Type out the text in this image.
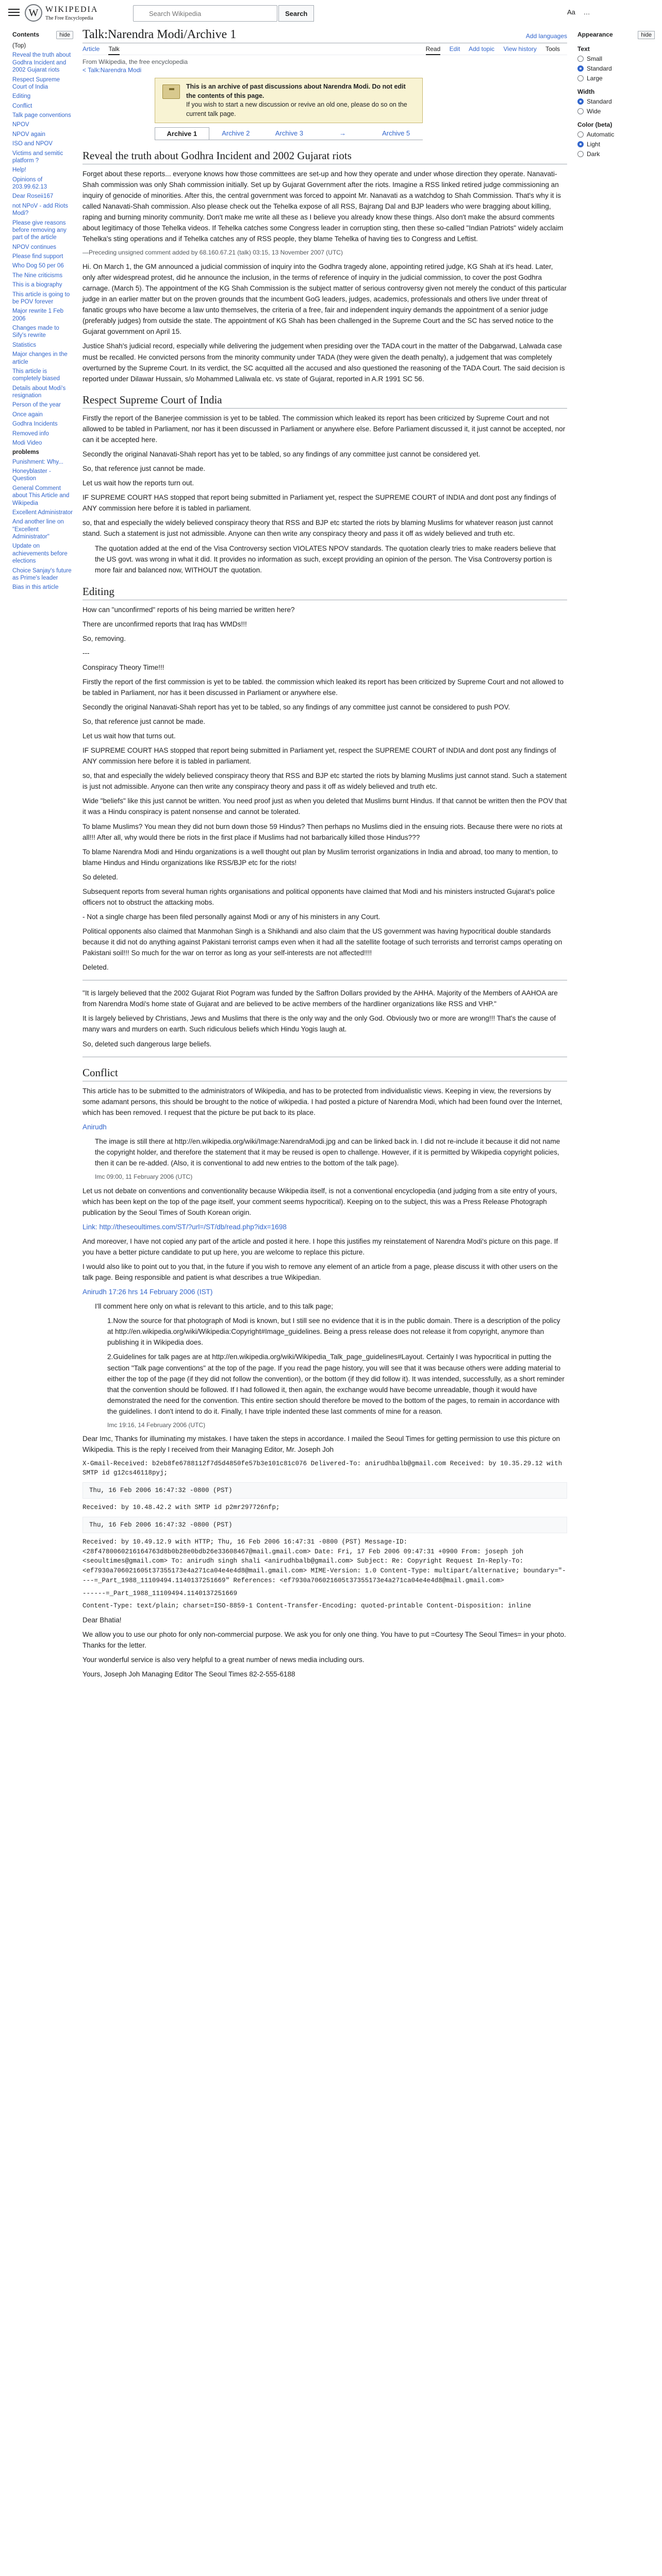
W WIKIPEDIA
The Free Encyclopedia
Search Wikipedia
Search	Aa …
Contents	hide
(Top)
Reveal the truth about Godhra Incident and 2002 Gujarat riots
Respect Supreme Court of India
Editing
Conflict
Talk page conventions
NPOV
NPOV again
ISO and NPOV
Victims and semitic platform ?
Help!
Opinions of 203.99.62.13
Dear Roseii167
not NPoV - add Riots Modi?
Please give reasons before removing any part of the article
NPOV continues
Please find support
Who Dog 50 per 06
The Nine criticisms
This is a biography
This article is going to be POV forever
Major rewrite 1 Feb 2006
Changes made to Sify's rewrite
Statistics
Major changes in the article
This article is completely biased
Details about Modi's resignation
Person of the year
Once again
Godhra Incidents
Removed info
Modi Video
problems
Punishment: Why...
Honeyblaster - Question
General Comment about This Article and Wikipedia
Excellent Administrator
And another line on "Excellent Administrator"
Update on achievements before elections
Choice Sanjay's future as Prime's leader
Bias in this article
Appearance	hide
Text
Small
Standard
Large
Width
Standard
Wide
Color (beta)
Automatic
Light
Dark
Talk:Narendra Modi/Archive 1	Add languages
Article Talk	Read Edit Add topic View history Tools
From Wikipedia, the free encyclopedia
< Talk:Narendra Modi
This is an archive of past discussions about Narendra Modi. Do not edit the contents of this page.
If you wish to start a new discussion or revive an old one, please do so on the current talk page.
Archive 1	Archive 2	Archive 3	→	Archive 5
Reveal the truth about Godhra Incident and 2002 Gujarat riots

Forget about these reports... everyone knows how those committees are set-up and how they operate and under whose direction they operate. Nanavati-Shah commission was only Shah commission initially. Set up by Gujarat Government after the riots. Imagine a RSS linked retired judge commissioning an inquiry of genocide of minorities. After this, the central government was forced to appoint Mr. Nanavati as a watchdog to Shah Commission. That's why it is called Nanavati-Shah commission. Also please check out the Tehelka expose of all RSS, Bajrang Dal and BJP leaders who were bragging about killing, raping and burning minority community. Don't make me write all these as I believe you already know these things. Also don't make the absurd comments about legitimacy of those Tehelka videos. If Tehelka catches some Congress leader in corruption sting, then these so-called "Indian Patriots" widely acclaim Tehelka's sting operations and if Tehelka catches any of RSS people, they blame Tehelka of having ties to Congress and Leftist.

—Preceding unsigned comment added by 68.160.67.21 (talk) 03:15, 13 November 2007 (UTC)

Hi. On March 1, the GM announced a judicial commission of inquiry into the Godhra tragedy alone, appointing retired judge, KG Shah at it's head. Later, only after widespread protest, did he announce the inclusion, in the terms of reference of inquiry in the judicial commission, to cover the post Godhra carnage. (March 5). The appointment of the KG Shah Commission is the subject matter of serious controversy given not merely the conduct of this particular judge in an earlier matter but on the proven grounds that the incumbent GoG leaders, judges, academics, professionals and others live under threat of fanatic groups who have become a law unto themselves, the criteria of a free, fair and independent inquiry demands the appointment of a senior judge (preferably judges) from outside the state. The appointment of KG Shah has been challenged in the Supreme Court and the SC has served notice to the Gujarat government on April 15.

Justice Shah's judicial record, especially while delivering the judgement when presiding over the TADA court in the matter of the Dabgarwad, Lalwada case must be recalled. He convicted persons from the minority community under TADA (they were given the death penalty), a judgement that was completely overturned by the Supreme Court. In its verdict, the SC acquitted all the accused and also questioned the reasoning of the TADA Court. The said decision is reported under Dilawar Hussain, s/o Mohammed Laliwala etc. vs state of Gujarat, reported in A.R 1991 SC 56.

Respect Supreme Court of India

Firstly the report of the Banerjee commission is yet to be tabled. The commission which leaked its report has been criticized by Supreme Court and not allowed to be tabled in Parliament, nor has it been discussed in Parliament or anywhere else. Before Parliament discussed it, it just cannot be accepted, nor can it be accepted here.

Secondly the original Nanavati-Shah report has yet to be tabled, so any findings of any committee just cannot be considered yet.

So, that reference just cannot be made.

Let us wait how the reports turn out.

IF SUPREME COURT HAS stopped that report being submitted in Parliament yet, respect the SUPREME COURT of INDIA and dont post any findings of ANY commission here before it is tabled in parliament.

so, that and especially the widely believed conspiracy theory that RSS and BJP etc started the riots by blaming Muslims for whatever reason just cannot stand. Such a statement is just not admissible. Anyone can then write any conspiracy theory and pass it off as widely believed and truth etc.

The quotation added at the end of the Visa Controversy section VIOLATES NPOV standards. The quotation clearly tries to make readers believe that the US govt. was wrong in what it did. It provides no information as such, except providing an opinion of the person. The Visa Controversy portion is more fair and balanced now, WITHOUT the quotation.
Editing

How can "unconfirmed" reports of his being married be written here?

There are unconfirmed reports that Iraq has WMDs!!!

So, removing.

---

Conspiracy Theory Time!!!

Firstly the report of the first commission is yet to be tabled. the commission which leaked its report has been criticized by Supreme Court and not allowed to be tabled in Parliament, nor has it been discussed in Parliament or anywhere else.

Secondly the original Nanavati-Shah report has yet to be tabled, so any findings of any committee just cannot be considered to push POV.

So, that reference just cannot be made.

Let us wait how that turns out.

IF SUPREME COURT HAS stopped that report being submitted in Parliament yet, respect the SUPREME COURT of INDIA and dont post any findings of ANY commission here before it is tabled in parliament.

so, that and especially the widely believed conspiracy theory that RSS and BJP etc started the riots by blaming Muslims just cannot stand. Such a statement is just not admissible. Anyone can then write any conspiracy theory and pass it off as widely believed and truth etc.

Wide "beliefs" like this just cannot be written. You need proof just as when you deleted that Muslims burnt Hindus. If that cannot be written then the POV that it was a Hindu conspiracy is patent nonsense and cannot be tolerated.

To blame Muslims? You mean they did not burn down those 59 Hindus? Then perhaps no Muslims died in the ensuing riots. Because there were no riots at all!!! After all, why would there be riots in the first place if Muslims had not barbarically killed those Hindus???

To blame Narendra Modi and Hindu organizations is a well thought out plan by Muslim terrorist organizations in India and abroad, too many to mention, to blame Hindus and Hindu organizations like RSS/BJP etc for the riots!

So deleted.

Subsequent reports from several human rights organisations and political opponents have claimed that Modi and his ministers instructed Gujarat's police officers not to obstruct the attacking mobs.

- Not a single charge has been filed personally against Modi or any of his ministers in any Court.

Political opponents also claimed that Manmohan Singh is a Shikhandi and also claim that the US government was having hypocritical double standards because it did not do anything against Pakistani terrorist camps even when it had all the satellite footage of such terrorists and terrorist camps operating on Pakistani soil!!! So much for the war on terror as long as your self-interests are not affected!!!!

Deleted.

"It is largely believed that the 2002 Gujarat Riot Pogram was funded by the Saffron Dollars provided by the AHHA. Majority of the Members of AAHOA are from Narendra Modi's home state of Gujarat and are believed to be active members of the hardliner organizations like RSS and VHP."

It is largely believed by Christians, Jews and Muslims that there is the only way and the only God. Obviously two or more are wrong!!! That's the cause of many wars and murders on earth. Such ridiculous beliefs which Hindu Yogis laugh at.

So, deleted such dangerous large beliefs.

Conflict

This article has to be submitted to the administrators of Wikipedia, and has to be protected from individualistic views. Keeping in view, the reversions by some adamant persons, this should be brought to the notice of wikipedia. I had posted a picture of Narendra Modi, which had been found over the Internet, which has been removed. I request that the picture be put back to its place.

Anirudh

The image is still there at http://en.wikipedia.org/wiki/Image:NarendraModi.jpg and can be linked back in. I did not re-include it because it did not name the copyright holder, and therefore the statement that it may be reused is open to challenge. However, if it is permitted by Wikipedia copyright policies, then it can be re-added. (Also, it is conventional to add new entries to the bottom of the talk page).

Imc 09:00, 11 February 2006 (UTC)

Let us not debate on conventions and conventionality because Wikipedia itself, is not a conventional encyclopedia (and judging from a site entry of yours, which has been kept on the top of the page itself, your comment seems hypocritical). Keeping on to the subject, this was a Press Release Photograph publication by the Seoul Times of South Korean origin.

Link: http://theseoultimes.com/ST/?url=/ST/db/read.php?idx=1698

And moreover, I have not copied any part of the article and posted it here. I hope this justifies my reinstatement of Narendra Modi's picture on this page. If you have a better picture candidate to put up here, you are welcome to replace this picture.

I would also like to point out to you that, in the future if you wish to remove any element of an article from a page, please discuss it with other users on the talk page. Being responsible and patient is what describes a true Wikipedian.

Anirudh 17:26 hrs 14 February 2006 (IST)

I'll comment here only on what is relevant to this article, and to this talk page;

1.Now the source for that photograph of Modi is known, but I still see no evidence that it is in the public domain. There is a description of the policy at http://en.wikipedia.org/wiki/Wikipedia:Copyright#Image_guidelines. Being a press release does not release it from copyright, anymore than publishing it in Wikipedia does.

2.Guidelines for talk pages are at http://en.wikipedia.org/wiki/Wikipedia_Talk_page_guidelines#Layout. Certainly I was hypocritical in putting the section "Talk page conventions" at the top of the page. If you read the page history, you will see that it was because others were adding material to either the top of the page (if they did not follow the convention), or the bottom (if they did follow it). It was intended, successfully, as a short reminder that the convention should be followed. If I had followed it, then again, the exchange would have become unreadable, though it would have demonstrated the need for the convention. This entire section should therefore be moved to the bottom of the pages, to remain in accordance with the guidelines. I don't intend to do it. Finally, I have triple indented these last comments of mine for a reason.

Imc 19:16, 14 February 2006 (UTC)

Dear Imc, Thanks for illuminating my mistakes. I have taken the steps in accordance. I mailed the Seoul Times for getting permission to use this picture on Wikipedia. This is the reply I received from their Managing Editor, Mr. Joseph Joh

X-Gmail-Received: b2eb8fe6788112f7d5d4850fe57b3e101c81c076 Delivered-To: anirudhbalb@gmail.com Received: by 10.35.29.12 with SMTP id g12cs46118pyj;

Thu, 16 Feb 2006 16:47:32 -0800 (PST)

Received: by 10.48.42.2 with SMTP id p2mr297726nfp;

Thu, 16 Feb 2006 16:47:32 -0800 (PST)

Received: by 10.49.12.9 with HTTP; Thu, 16 Feb 2006 16:47:31 -0800 (PST) Message-ID: <28f4780060216164763d8b0b28e0bdb26e33608467@mail.gmail.com> Date: Fri, 17 Feb 2006 09:47:31 +0900 From: joseph joh <seoultimes@gmail.com> To: anirudh singh shali <anirudhbalb@gmail.com> Subject: Re: Copyright Request In-Reply-To: <ef7930a706021605t37355173e4a271ca04e4e4d8@mail.gmail.com> MIME-Version: 1.0 Content-Type: multipart/alternative; boundary="----=_Part_1988_11109494.1140137251669" References: <ef7930a706021605t37355173e4a271ca04e4e4d8@mail.gmail.com>

------=_Part_1988_11109494.1140137251669

Content-Type: text/plain; charset=ISO-8859-1 Content-Transfer-Encoding: quoted-printable Content-Disposition: inline

Dear Bhatia!

We allow you to use our photo for only non-commercial purpose. We ask you for only one thing. You have to put =Courtesy The Seoul Times= in your photo. Thanks for the letter.

Your wonderful service is also very helpful to a great number of news media including ours.

Yours, Joseph Joh Managing Editor The Seoul Times 82-2-555-6188
